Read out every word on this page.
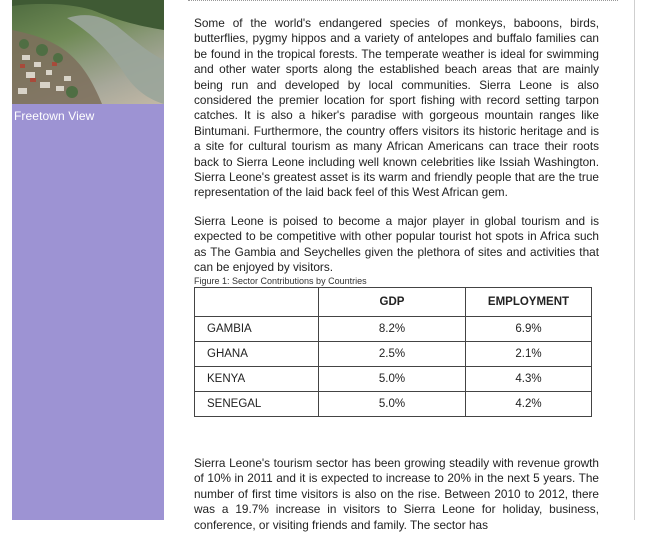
Freetown View

Some of the world's endangered species of monkeys, baboons, birds, butterflies, pygmy hippos and a variety of antelopes and buffalo families can be found in the tropical forests. The temperate weather is ideal for swimming and other water sports along the established beach areas that are mainly being run and developed by local communities. Sierra Leone is also considered the premier location for sport fishing with record setting tarpon catches. It is also a hiker's paradise with gorgeous mountain ranges like Bintumani. Furthermore, the country offers visitors its historic heritage and is a site for cultural tourism as many African Americans can trace their roots back to Sierra Leone including well known celebrities like Issiah Washington. Sierra Leone's greatest asset is its warm and friendly people that are the true representation of the laid back feel of this West African gem.

Sierra Leone is poised to become a major player in global tourism and is expected to be competitive with other popular tourist hot spots in Africa such as The Gambia and Seychelles given the plethora of sites and activities that can be enjoyed by visitors.

Figure 1: Sector Contributions by Countries
	GDP	EMPLOYMENT
GAMBIA	8.2%	6.9%
GHANA	2.5%	2.1%
KENYA	5.0%	4.3%
SENEGAL	5.0%	4.2%
Sierra Leone's tourism sector has been growing steadily with revenue growth of 10% in 2011 and it is expected to increase to 20% in the next 5 years. The number of first time visitors is also on the rise. Between 2010 to 2012, there was a 19.7% increase in visitors to Sierra Leone for holiday, business, conference, or visiting friends and family. The sector has
